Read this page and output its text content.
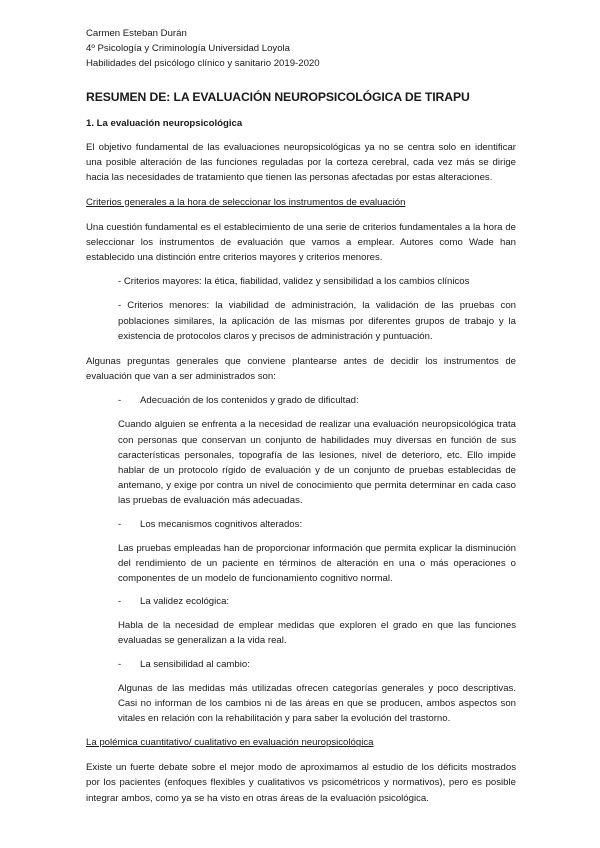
Carmen Esteban Durán
4º Psicología y Criminología Universidad Loyola
Habilidades del psicólogo clínico y sanitario 2019-2020
RESUMEN DE: LA EVALUACIÓN NEUROPSICOLÓGICA DE TIRAPU
1. La evaluación neuropsicológica

El objetivo fundamental de las evaluaciones neuropsicológicas ya no se centra solo en identificar una posible alteración de las funciones reguladas por la corteza cerebral, cada vez más se dirige hacia las necesidades de tratamiento que tienen las personas afectadas por estas alteraciones.

Criterios generales a la hora de seleccionar los instrumentos de evaluación

Una cuestión fundamental es el establecimiento de una serie de criterios fundamentales a la hora de seleccionar los instrumentos de evaluación que vamos a emplear. Autores como Wade han establecido una distinción entre criterios mayores y criterios menores.

- Criterios mayores: la ética, fiabilidad, validez y sensibilidad a los cambios clínicos

- Criterios menores: la viabilidad de administración, la validación de las pruebas con poblaciones similares, la aplicación de las mismas por diferentes grupos de trabajo y la existencia de protocolos claros y precisos de administración y puntuación.

Algunas preguntas generales que conviene plantearse antes de decidir los instrumentos de evaluación que van a ser administrados son:

-	Adecuación de los contenidos y grado de dificultad:

Cuando alguien se enfrenta a la necesidad de realizar una evaluación neuropsicológica trata con personas que conservan un conjunto de habilidades muy diversas en función de sus características personales, topografía de las lesiones, nivel de deterioro, etc. Ello impide hablar de un protocolo rígido de evaluación y de un conjunto de pruebas establecidas de antemano, y exige por contra un nivel de conocimiento que permita determinar en cada caso las pruebas de evaluación más adecuadas.

-	Los mecanismos cognitivos alterados:

Las pruebas empleadas han de proporcionar información que permita explicar la disminución del rendimiento de un paciente en términos de alteración en una o más operaciones o componentes de un modelo de funcionamiento cognitivo normal.

-	La validez ecológica:

Habla de la necesidad de emplear medidas que exploren el grado en que las funciones evaluadas se generalizan a la vida real.

-	La sensibilidad al cambio:

Algunas de las medidas más utilizadas ofrecen categorías generales y poco descriptivas. Casi no informan de los cambios ni de las áreas en que se producen, ambos aspectos son vitales en relación con la rehabilitación y para saber la evolución del trastorno.

La polémica cuantitativo/ cualitativo en evaluación neuropsicológica

Existe un fuerte debate sobre el mejor modo de aproximamos al estudio de los déficits mostrados por los pacientes (enfoques flexibles y cualitativos vs psicométricos y normativos), pero es posible integrar ambos, como ya se ha visto en otras áreas de la evaluación psicológica.
